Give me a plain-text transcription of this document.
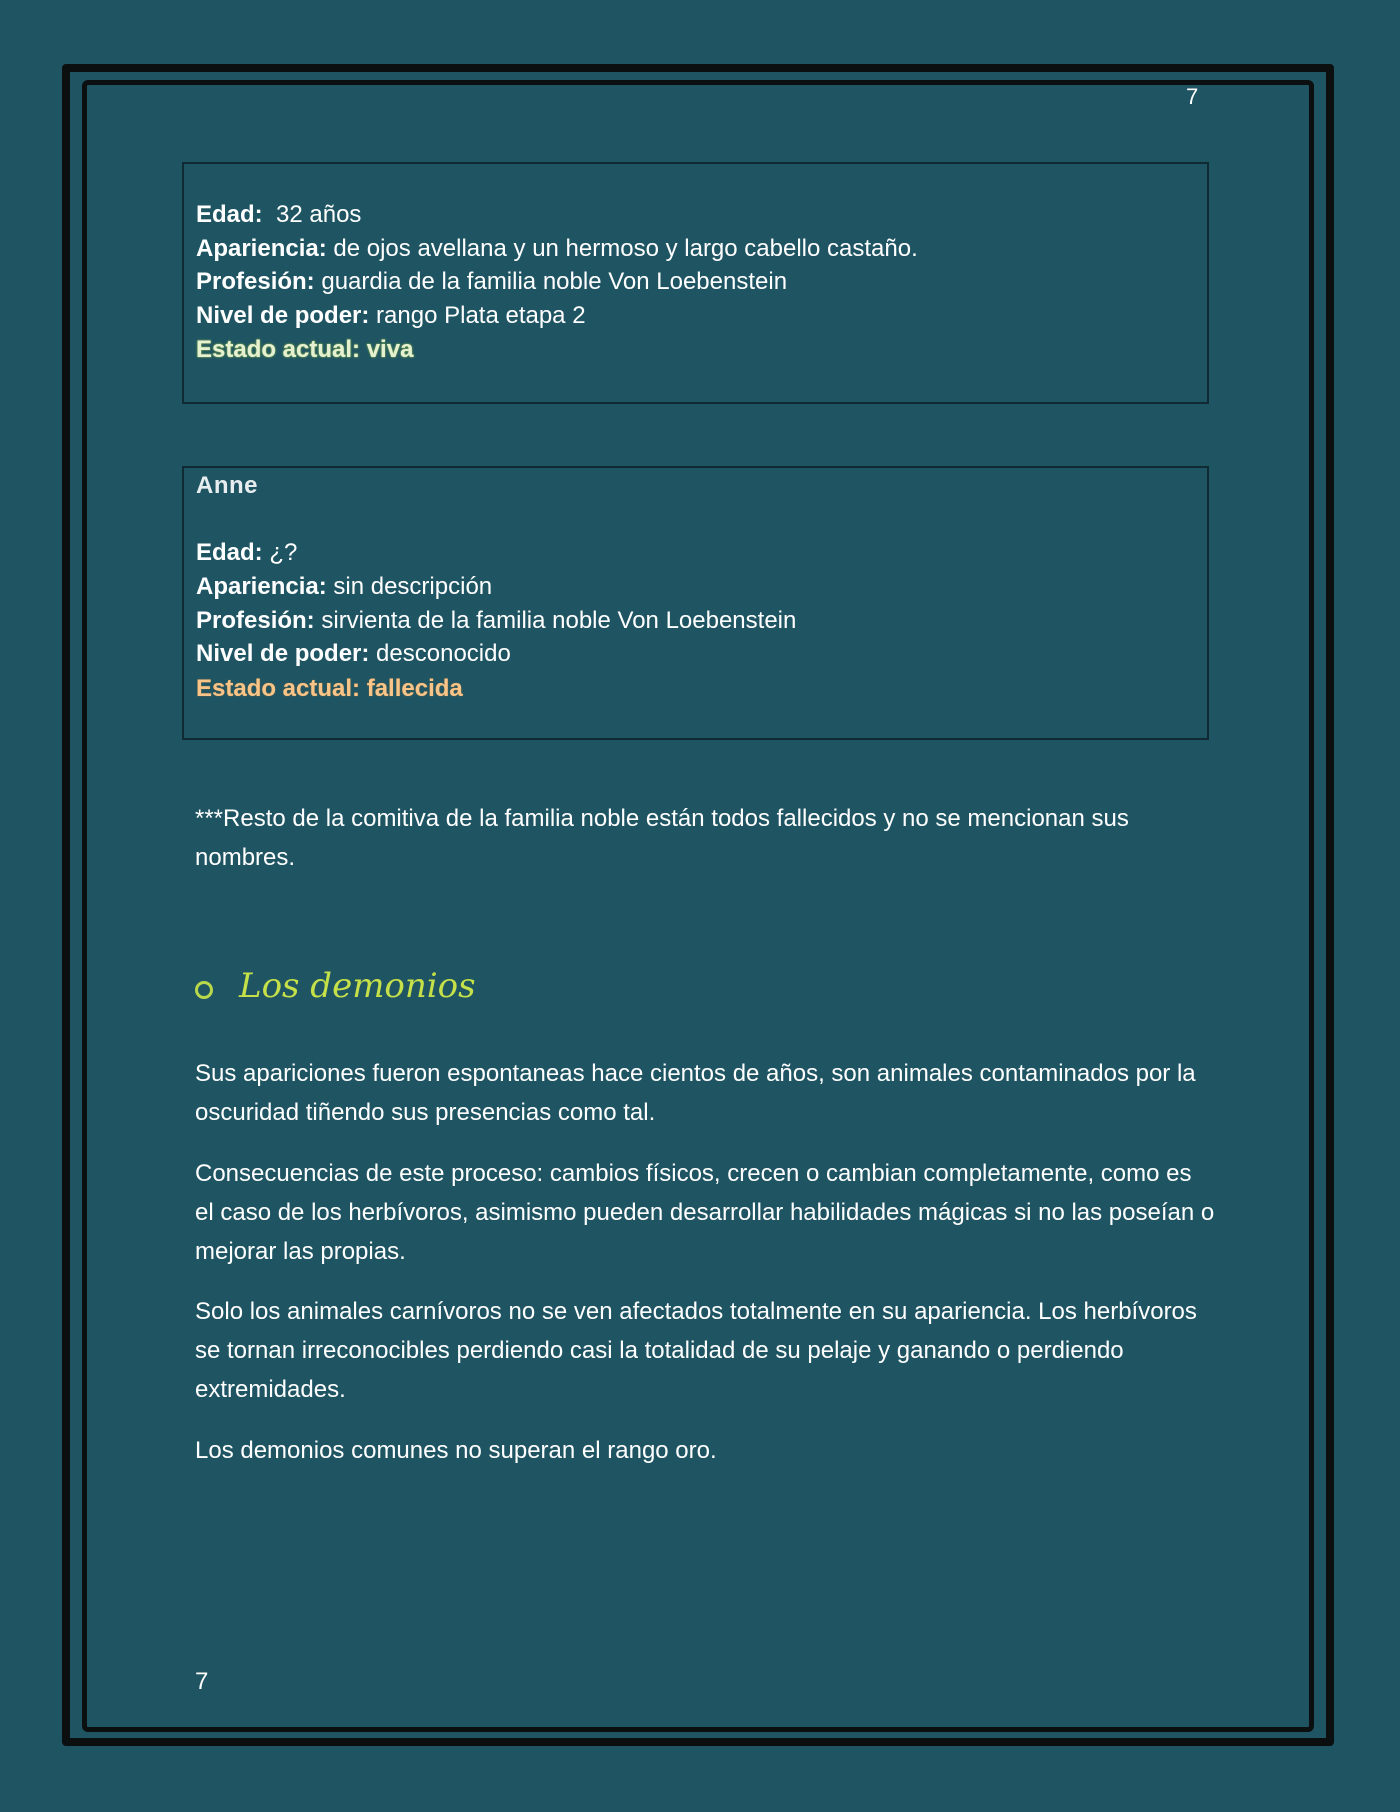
7
Edad: 32 años
Apariencia: de ojos avellana y un hermoso y largo cabello castaño.
Profesión: guardia de la familia noble Von Loebenstein
Nivel de poder: rango Plata etapa 2
Estado actual: viva
Anne
Edad: ¿?
Apariencia: sin descripción
Profesión: sirvienta de la familia noble Von Loebenstein
Nivel de poder: desconocido
Estado actual: fallecida
***Resto de la comitiva de la familia noble están todos fallecidos y no se mencionan sus nombres.
Los demonios
Sus apariciones fueron espontaneas hace cientos de años, son animales contaminados por la oscuridad tiñendo sus presencias como tal.
Consecuencias de este proceso: cambios físicos, crecen o cambian completamente, como es el caso de los herbívoros, asimismo pueden desarrollar habilidades mágicas si no las poseían o mejorar las propias.
Solo los animales carnívoros no se ven afectados totalmente en su apariencia. Los herbívoros se tornan irreconocibles perdiendo casi la totalidad de su pelaje y ganando o perdiendo extremidades.
Los demonios comunes no superan el rango oro.
7
